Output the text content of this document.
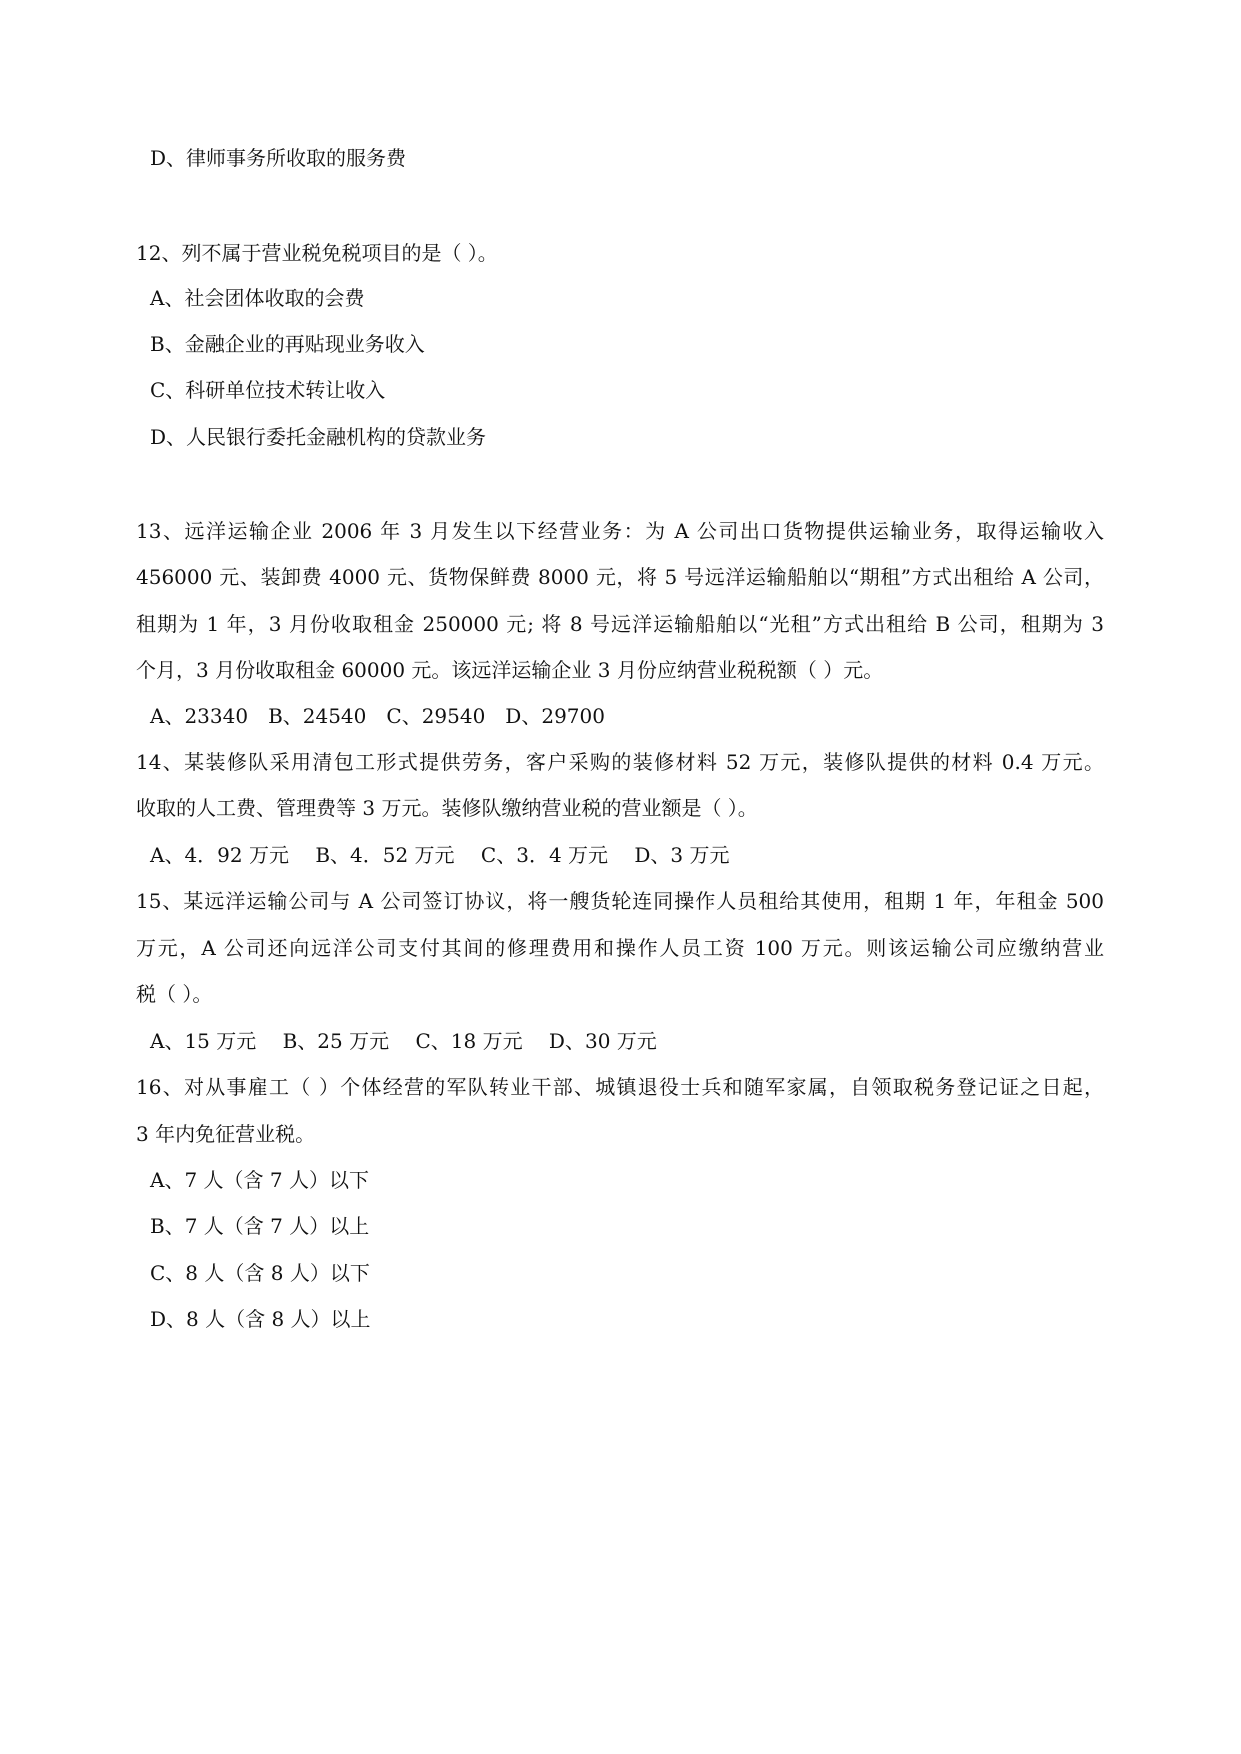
D、律师事务所收取的服务费
12、列不属于营业税免税项目的是（ ）。
A、社会团体收取的会费
B、金融企业的再贴现业务收入
C、科研单位技术转让收入
D、人民银行委托金融机构的贷款业务
13、远洋运输企业 2006 年 3 月发生以下经营业务：为 A 公司出口货物提供运输业务，取得运输收入
456000 元、装卸费 4000 元、货物保鲜费 8000 元，将 5 号远洋运输船舶以“期租”方式出租给 A 公司，
租期为 1 年，3 月份收取租金 250000 元; 将 8 号远洋运输船舶以“光租”方式出租给 B 公司，租期为 3
个月，3 月份收取租金 60000 元。该远洋运输企业 3 月份应纳营业税税额（ ）元。
A、23340　B、24540　C、29540　D、29700
14、某装修队采用清包工形式提供劳务，客户采购的装修材料 52 万元，装修队提供的材料 0.4 万元。
收取的人工费、管理费等 3 万元。装修队缴纳营业税的营业额是（ ）。
A、4．92 万元　 B、4．52 万元　 C、3．4 万元　 D、3 万元
15、某远洋运输公司与 A 公司签订协议，将一艘货轮连同操作人员租给其使用，租期 1 年，年租金 500
万元，A 公司还向远洋公司支付其间的修理费用和操作人员工资 100 万元。则该运输公司应缴纳营业
税（ ）。
A、15 万元　 B、25 万元　 C、18 万元　 D、30 万元
16、对从事雇工（ ）个体经营的军队转业干部、城镇退役士兵和随军家属，自领取税务登记证之日起，
3 年内免征营业税。
A、7 人（含 7 人）以下
B、7 人（含 7 人）以上
C、8 人（含 8 人）以下
D、8 人（含 8 人）以上
